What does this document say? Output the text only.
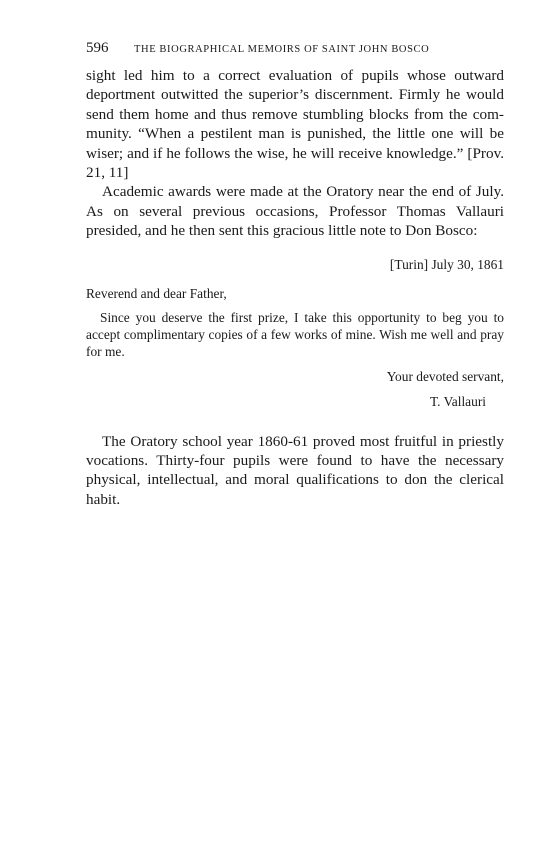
596	THE BIOGRAPHICAL MEMOIRS OF SAINT JOHN BOSCO

sight led him to a correct evaluation of pupils whose outward deportment outwitted the superior’s discernment. Firmly he would send them home and thus remove stumbling blocks from the com-munity. “When a pestilent man is punished, the little one will be wiser; and if he follows the wise, he will receive knowledge.” [Prov. 21, 11]

Academic awards were made at the Oratory near the end of July. As on several previous occasions, Professor Thomas Vallauri presided, and he then sent this gracious little note to Don Bosco:

[Turin] July 30, 1861
Reverend and dear Father,
Since you deserve the first prize, I take this opportunity to beg you to accept complimentary copies of a few works of mine. Wish me well and pray for me.
Your devoted servant,
T. Vallauri

The Oratory school year 1860-61 proved most fruitful in priestly vocations. Thirty-four pupils were found to have the necessary physical, intellectual, and moral qualifications to don the clerical habit.
